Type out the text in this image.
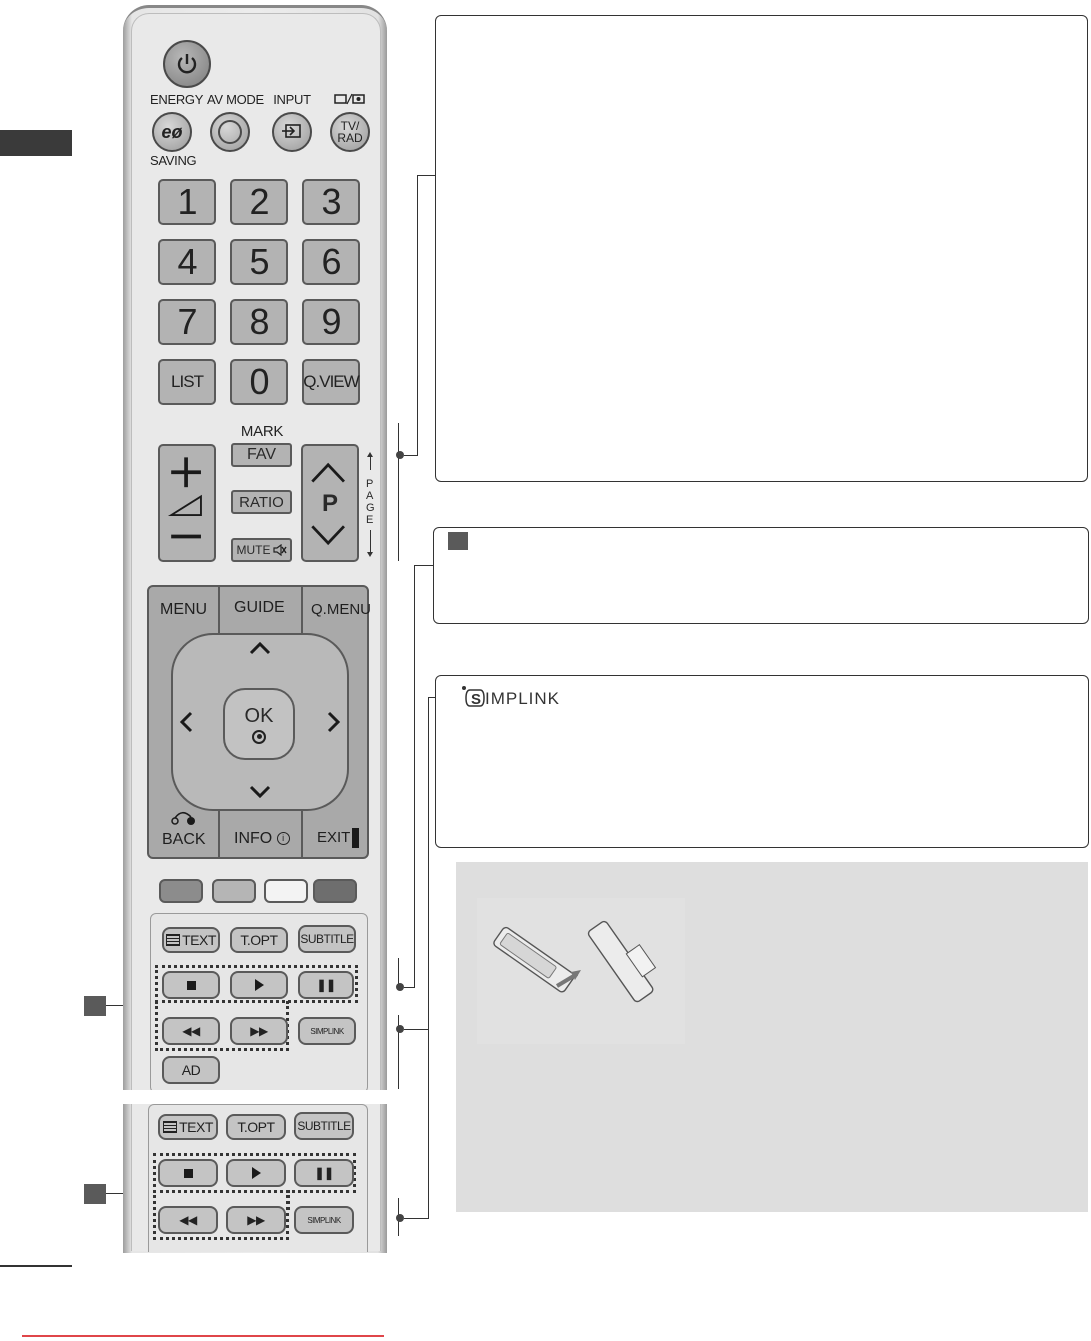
ENERGY AV MODE INPUT
eø
SAVING
TV/
RAD
1	2	3
4	5	6
7	8	9
LIST	0	Q.VIEW
MARK
FAV
RATIO
MUTE
P
P
A
G
E
MENU GUIDE Q.MENU
OK
BACK INFO i	EXIT
TEXT	T.OPT	SUBTITLE
❚❚
◀◀	▶▶	SIMPLINK
AD
TEXT	T.OPT	SUBTITLE
❚❚
◀◀	▶▶	SIMPLINK
S IMPLINK
